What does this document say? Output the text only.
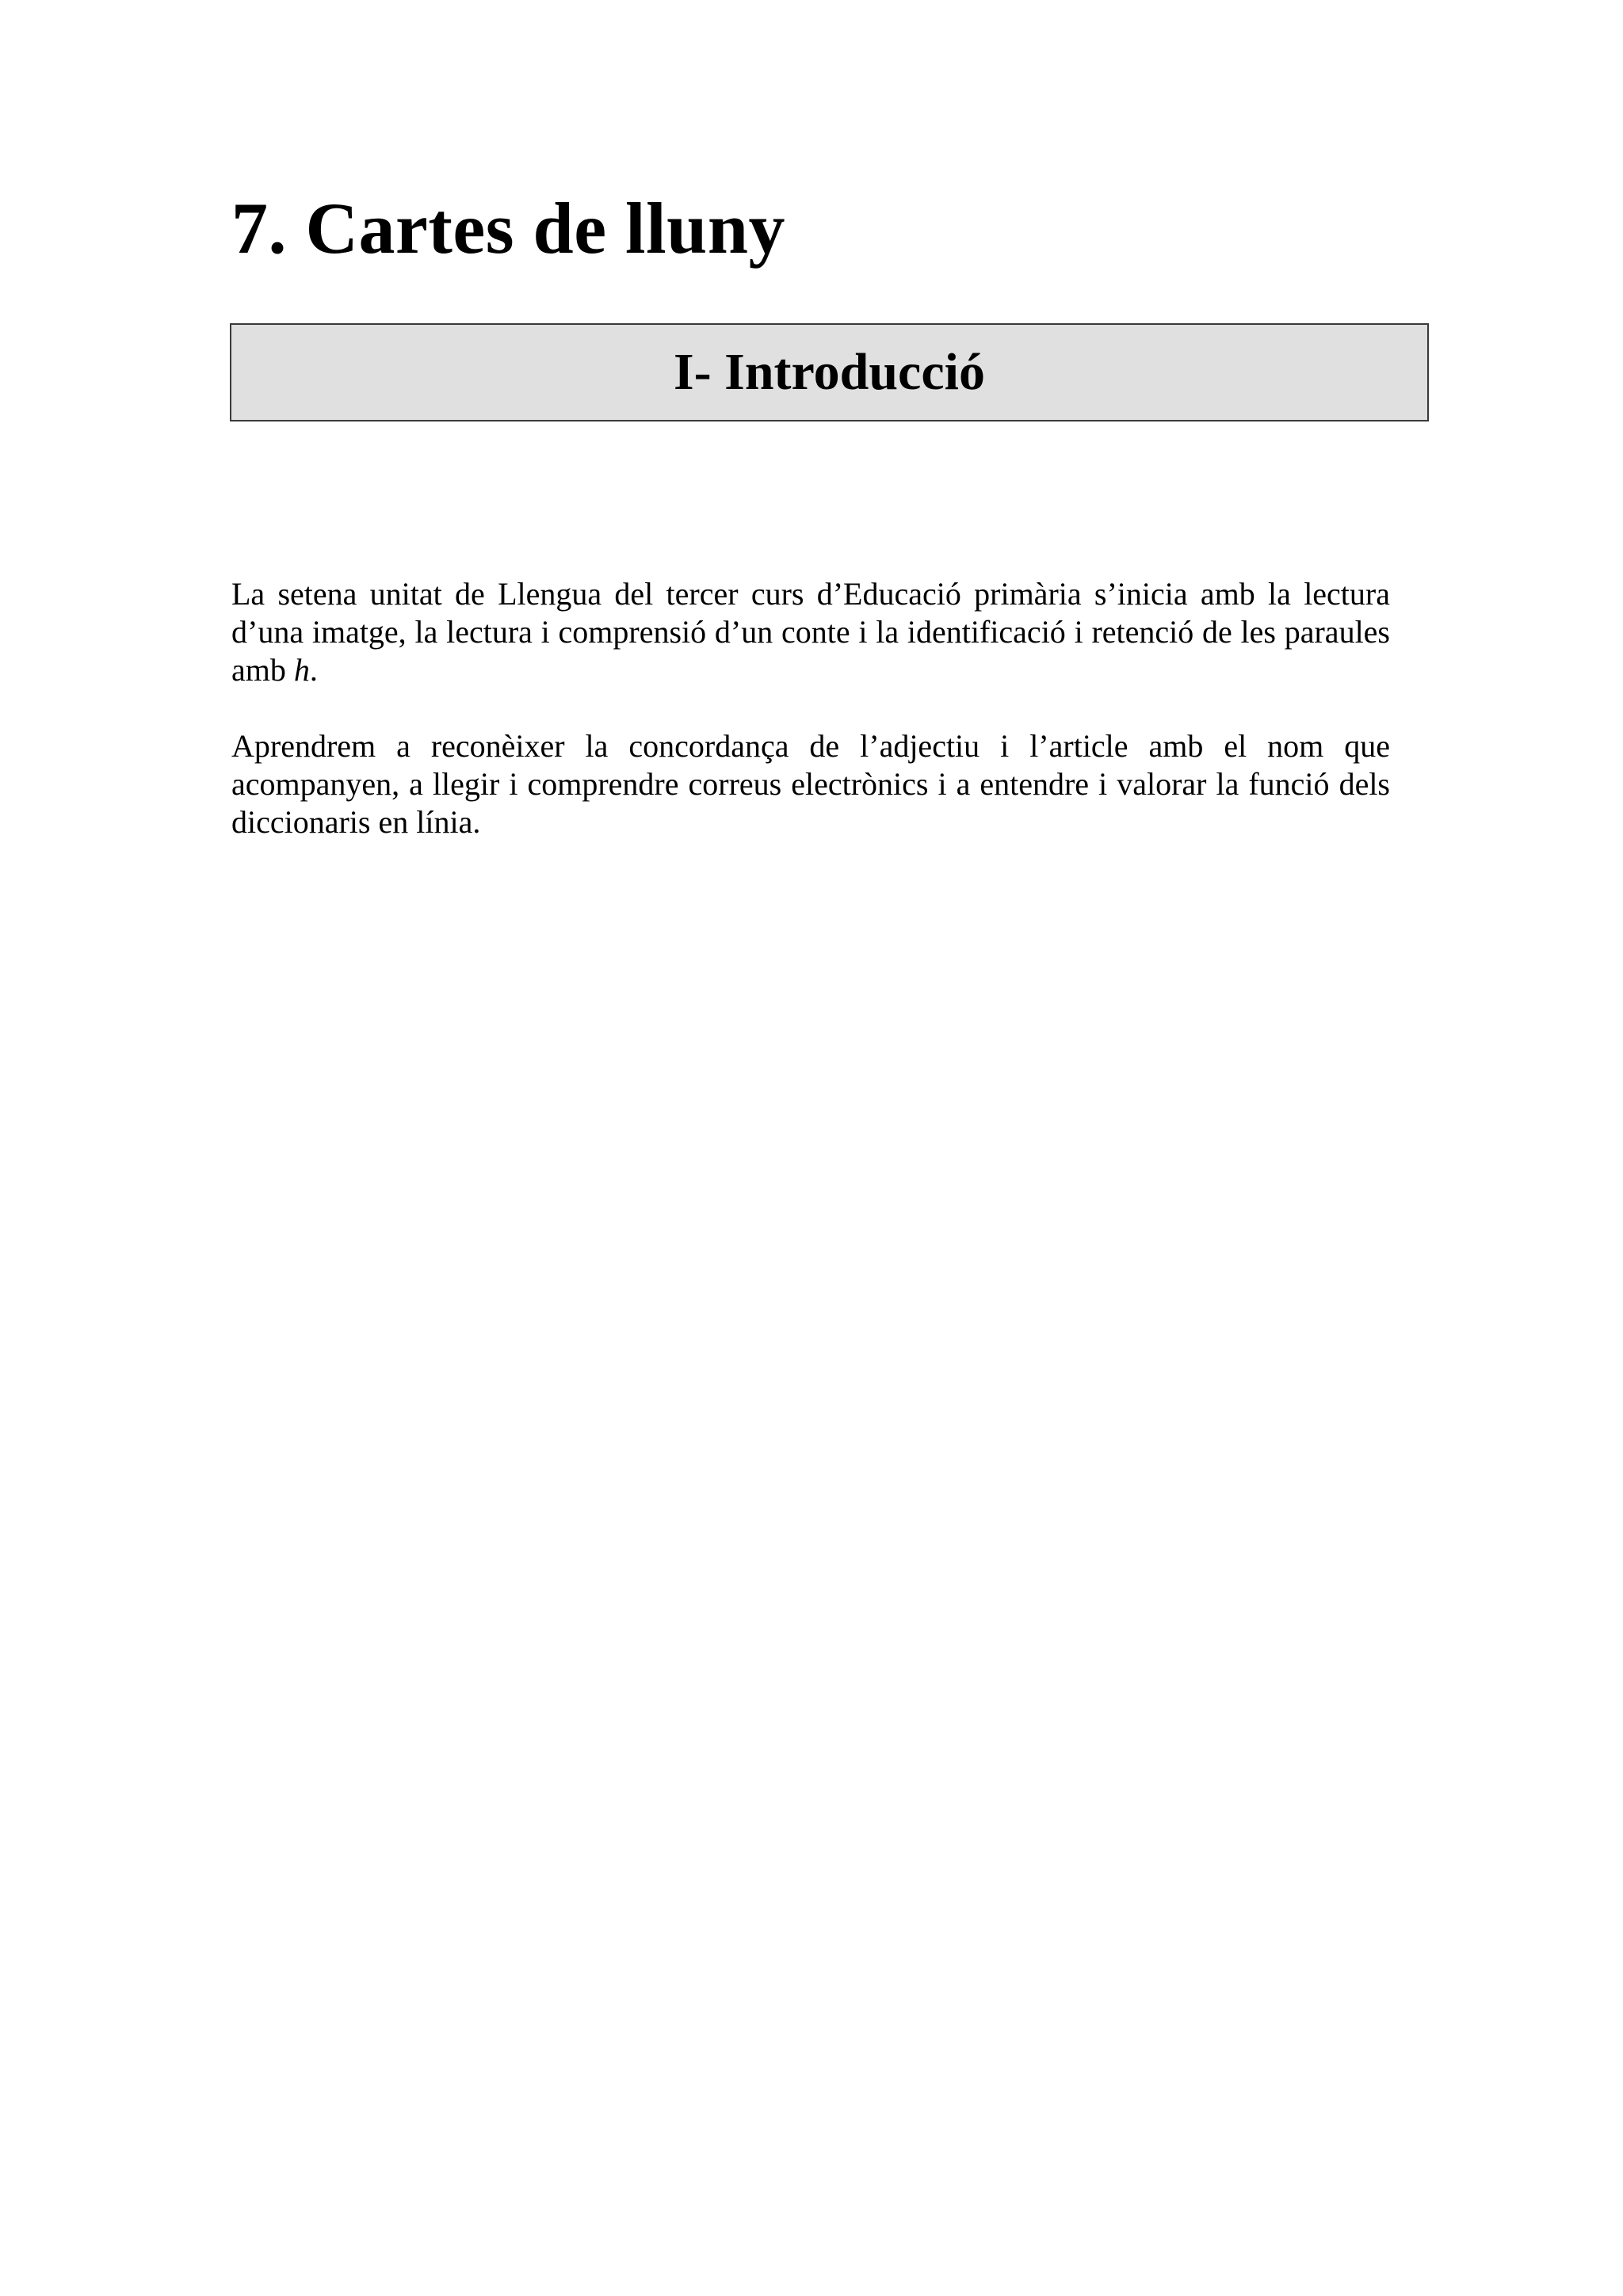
7. Cartes de lluny
I- Introducció

La setena unitat de Llengua del tercer curs d’Educació primària s’inicia amb la lectura d’una imatge, la lectura i comprensió d’un conte i la identificació i retenció de les paraules amb h.

Aprendrem a reconèixer la concordança de l’adjectiu i l’article amb el nom que acompanyen, a llegir i comprendre correus electrònics i a entendre i valorar la funció dels diccionaris en línia.
